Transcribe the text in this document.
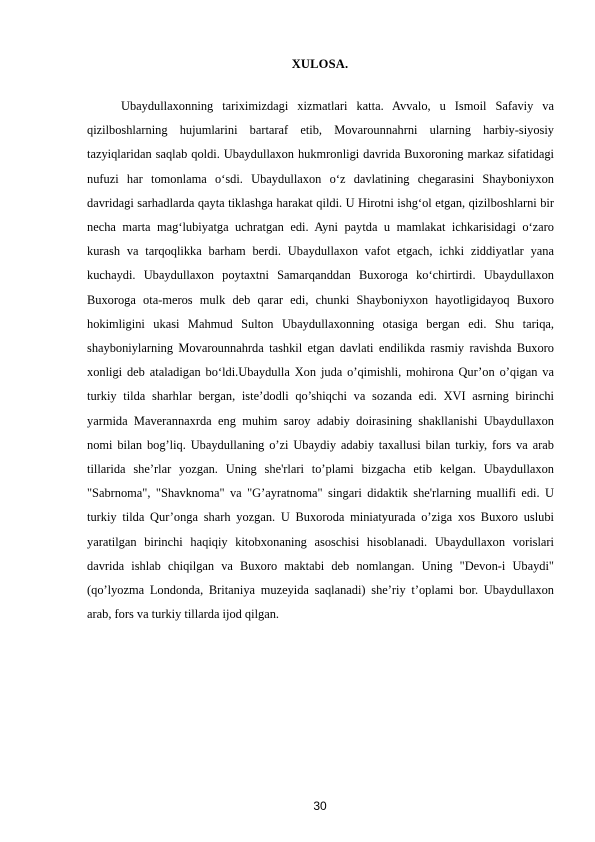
XULOSA.

Ubaydullaxonning tariximizdagi xizmatlari katta. Avvalo, u Ismoil Safaviy va qizilboshlarning hujumlarini bartaraf etib, Movarounnahrni ularning harbiy-siyosiy tazyiqlaridan saqlab qoldi. Ubaydullaxon hukmronligi davrida Buxoroning markaz sifatidagi nufuzi har tomonlama o‘sdi. Ubaydullaxon o‘z davlatining chegarasini Shayboniyxon davridagi sarhadlarda qayta tiklashga harakat qildi. U Hirotni ishg‘ol etgan, qizilboshlarni bir necha marta mag‘lubiyatga uchratgan edi. Ayni paytda u mamlakat ichkarisidagi o‘zaro kurash va tarqoqlikka barham berdi. Ubaydullaxon vafot etgach, ichki ziddiyatlar yana kuchaydi. Ubaydullaxon poytaxtni Samarqanddan Buxoroga ko‘chirtirdi. Ubaydullaxon Buxoroga ota-meros mulk deb qarar edi, chunki Shayboniyxon hayotligidayoq Buxoro hokimligini ukasi Mahmud Sulton Ubaydullaxonning otasiga bergan edi. Shu tariqa, shayboniylarning Movarounnahrda tashkil etgan davlati endilikda rasmiy ravishda Buxoro xonligi deb ataladigan bo‘ldi.Ubaydulla Xon juda o’qimishli, mohirona Qur’on o’qigan va turkiy tilda sharhlar bergan, iste’dodli qo’shiqchi va sozanda edi. XVI asrning birinchi yarmida Maverannaxrda eng muhim saroy adabiy doirasining shakllanishi Ubaydullaxon nomi bilan bog’liq. Ubaydullaning o’zi Ubaydiy adabiy taxallusi bilan turkiy, fors va arab tillarida she’rlar yozgan. Uning she'rlari to’plami bizgacha etib kelgan. Ubaydullaxon "Sabrnoma", "Shavknoma" va "G’ayratnoma" singari didaktik she'rlarning muallifi edi. U turkiy tilda Qur’onga sharh yozgan. U Buxoroda miniatyurada o’ziga xos Buxoro uslubi yaratilgan birinchi haqiqiy kitobxonaning asoschisi hisoblanadi. Ubaydullaxon vorislari davrida ishlab chiqilgan va Buxoro maktabi deb nomlangan. Uning "Devon-i Ubaydi" (qo’lyozma Londonda, Britaniya muzeyida saqlanadi) she’riy t’oplami bor. Ubaydullaxon arab, fors va turkiy tillarda ijod qilgan.

30
